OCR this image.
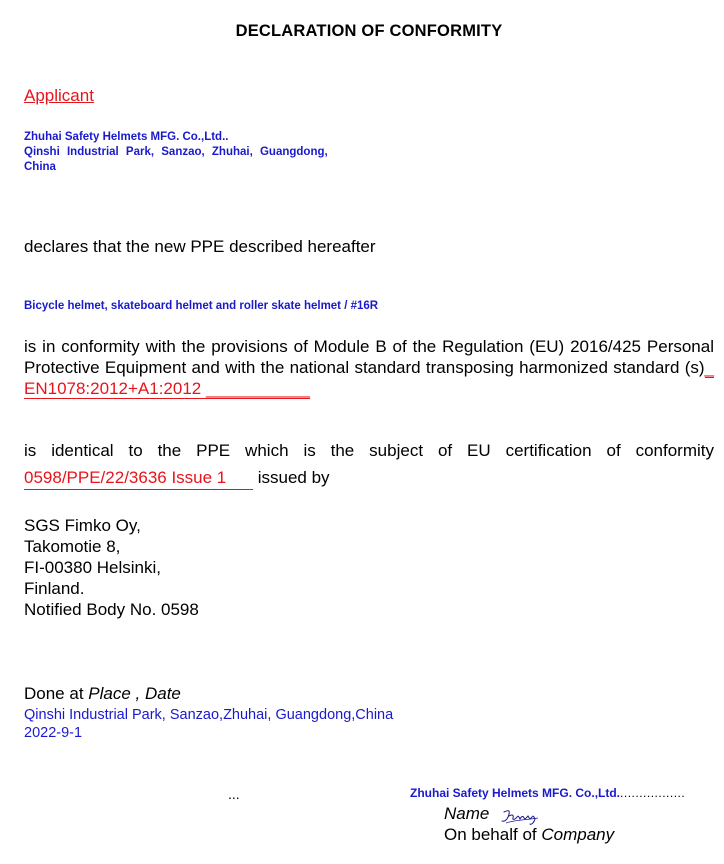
DECLARATION OF CONFORMITY
Applicant
Zhuhai Safety Helmets MFG. Co.,Ltd..
Qinshi Industrial Park, Sanzao, Zhuhai, Guangdong,
China
declares that the new PPE described hereafter
Bicycle helmet, skateboard helmet and roller skate helmet / #16R
is in conformity with the provisions of Module B of the Regulation (EU) 2016/425 Personal Protective Equipment and with the national standard transposing harmonized standard (s)_ EN1078:2012+A1:2012 ___________
is identical to the PPE which is the subject of EU certification of conformity
0598/PPE/22/3636 Issue 1 issued by
SGS Fimko Oy,
Takomotie 8,
FI-00380 Helsinki,
Finland.
Notified Body No. 0598
Done at Place , Date
Qinshi Industrial Park, Sanzao,Zhuhai, Guangdong,China
2022-9-1
...	Zhuhai Safety Helmets MFG. Co.,Ltd..................
Name
On behalf of Company
